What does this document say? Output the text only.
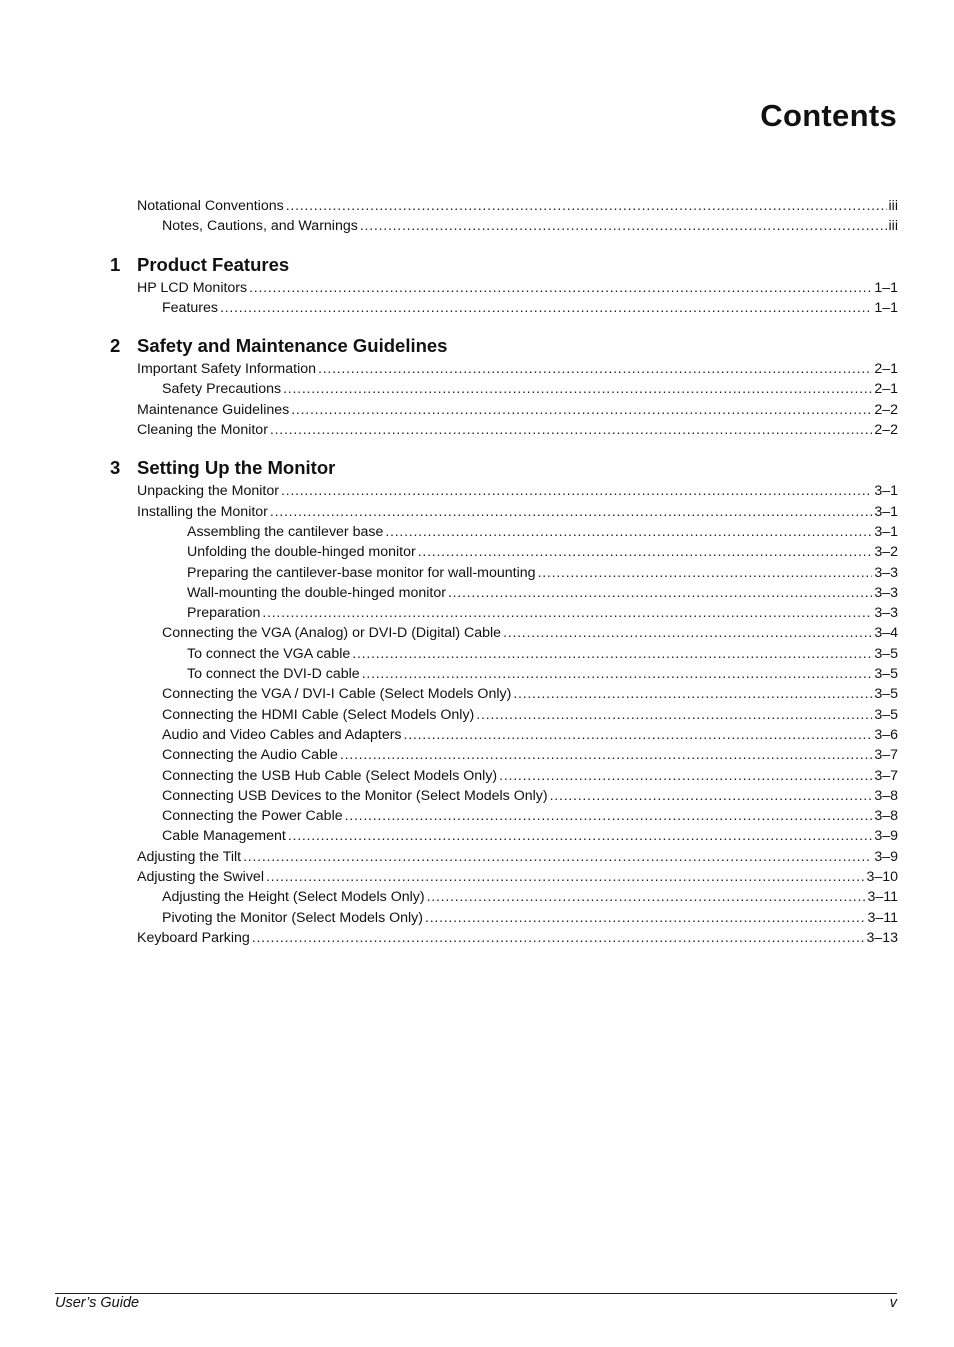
Contents
Notational Conventions . . .	iii
Notes, Cautions, and Warnings . . .	iii
1 Product Features
HP LCD Monitors . . .	1–1
Features . . .	1–1
2 Safety and Maintenance Guidelines
Important Safety Information . . .	2–1
Safety Precautions . . .	2–1
Maintenance Guidelines . . .	2–2
Cleaning the Monitor . . .	2–2
3 Setting Up the Monitor
Unpacking the Monitor . . .	3–1
Installing the Monitor . . .	3–1
Assembling the cantilever base . . .	3–1
Unfolding the double-hinged monitor . . .	3–2
Preparing the cantilever-base monitor for wall-mounting . . .	3–3
Wall-mounting the double-hinged monitor . . .	3–3
Preparation . . .	3–3
Connecting the VGA (Analog) or DVI-D (Digital) Cable . . .	3–4
To connect the VGA cable . . .	3–5
To connect the DVI-D cable . . .	3–5
Connecting the VGA / DVI-I Cable (Select Models Only) . . .	3–5
Connecting the HDMI Cable (Select Models Only) . . .	3–5
Audio and Video Cables and Adapters . . .	3–6
Connecting the Audio Cable . . .	3–7
Connecting the USB Hub Cable (Select Models Only) . . .	3–7
Connecting USB Devices to the Monitor (Select Models Only) . . .	3–8
Connecting the Power Cable . . .	3–8
Cable Management . . .	3–9
Adjusting the Tilt . . .	3–9
Adjusting the Swivel . . .	3–10
Adjusting the Height (Select Models Only) . . .	3–11
Pivoting the Monitor (Select Models Only) . . .	3–11
Keyboard Parking . . .	3–13
User’s Guide	v
